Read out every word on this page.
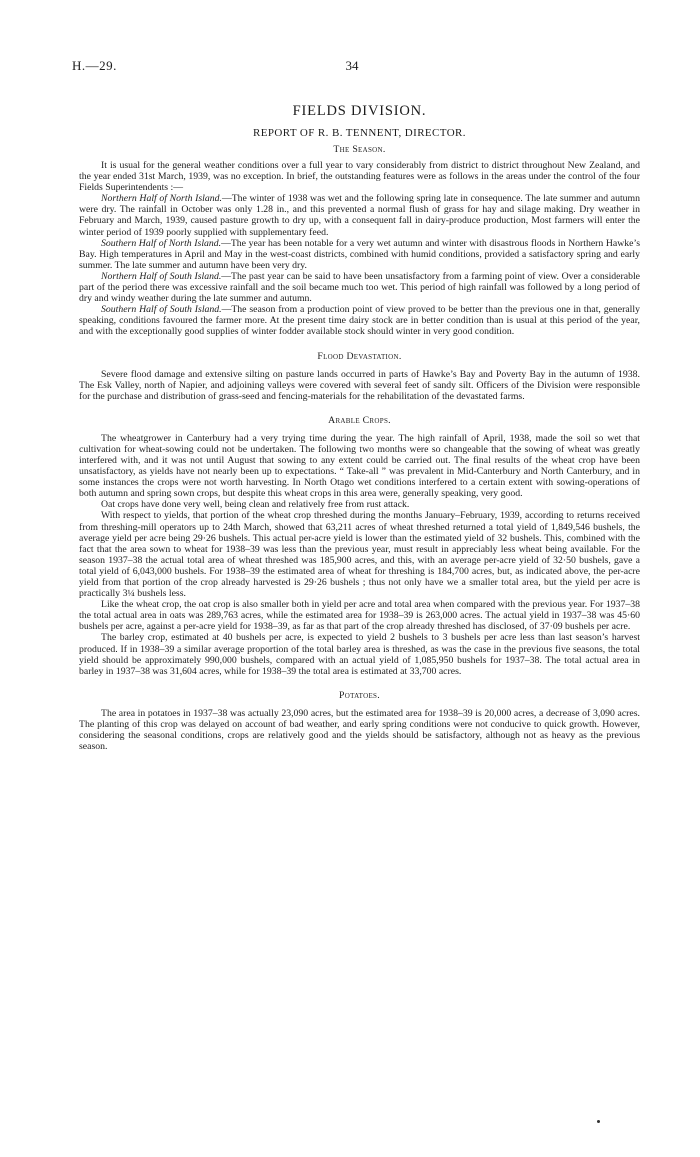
H.—29.	34
FIELDS DIVISION.
REPORT OF R. B. TENNENT, DIRECTOR.
The Season.

It is usual for the general weather conditions over a full year to vary considerably from district to district throughout New Zealand, and the year ended 31st March, 1939, was no exception. In brief, the outstanding features were as follows in the areas under the control of the four Fields Superintendents :—

Northern Half of North Island.—The winter of 1938 was wet and the following spring late in consequence. The late summer and autumn were dry. The rainfall in October was only 1.28 in., and this prevented a normal flush of grass for hay and silage making. Dry weather in February and March, 1939, caused pasture growth to dry up, with a consequent fall in dairy-produce production, Most farmers will enter the winter period of 1939 poorly supplied with supplementary feed.

Southern Half of North Island.—The year has been notable for a very wet autumn and winter with disastrous floods in Northern Hawke’s Bay. High temperatures in April and May in the west-coast districts, combined with humid conditions, provided a satisfactory spring and early summer. The late summer and autumn have been very dry.

Northern Half of South Island.—The past year can be said to have been unsatisfactory from a farming point of view. Over a considerable part of the period there was excessive rainfall and the soil became much too wet. This period of high rainfall was followed by a long period of dry and windy weather during the late summer and autumn.

Southern Half of South Island.—The season from a production point of view proved to be better than the previous one in that, generally speaking, conditions favoured the farmer more. At the present time dairy stock are in better condition than is usual at this period of the year, and with the exceptionally good supplies of winter fodder available stock should winter in very good condition.

Flood Devastation.

Severe flood damage and extensive silting on pasture lands occurred in parts of Hawke’s Bay and Poverty Bay in the autumn of 1938. The Esk Valley, north of Napier, and adjoining valleys were covered with several feet of sandy silt. Officers of the Division were responsible for the purchase and distribution of grass-seed and fencing-materials for the rehabilitation of the devastated farms.

Arable Crops.

The wheatgrower in Canterbury had a very trying time during the year. The high rainfall of April, 1938, made the soil so wet that cultivation for wheat-sowing could not be undertaken. The following two months were so changeable that the sowing of wheat was greatly interfered with, and it was not until August that sowing to any extent could be carried out. The final results of the wheat crop have been unsatisfactory, as yields have not nearly been up to expectations. “ Take-all ” was prevalent in Mid-Canterbury and North Canterbury, and in some instances the crops were not worth harvesting. In North Otago wet conditions interfered to a certain extent with sowing-operations of both autumn and spring sown crops, but despite this wheat crops in this area were, generally speaking, very good.

Oat crops have done very well, being clean and relatively free from rust attack.

With respect to yields, that portion of the wheat crop threshed during the months January–February, 1939, according to returns received from threshing-mill operators up to 24th March, showed that 63,211 acres of wheat threshed returned a total yield of 1,849,546 bushels, the average yield per acre being 29·26 bushels. This actual per-acre yield is lower than the estimated yield of 32 bushels. This, combined with the fact that the area sown to wheat for 1938–39 was less than the previous year, must result in appreciably less wheat being available. For the season 1937–38 the actual total area of wheat threshed was 185,900 acres, and this, with an average per-acre yield of 32·50 bushels, gave a total yield of 6,043,000 bushels. For 1938–39 the estimated area of wheat for threshing is 184,700 acres, but, as indicated above, the per-acre yield from that portion of the crop already harvested is 29·26 bushels ; thus not only have we a smaller total area, but the yield per acre is practically 3¼ bushels less.

Like the wheat crop, the oat crop is also smaller both in yield per acre and total area when compared with the previous year. For 1937–38 the total actual area in oats was 289,763 acres, while the estimated area for 1938–39 is 263,000 acres. The actual yield in 1937–38 was 45·60 bushels per acre, against a per-acre yield for 1938–39, as far as that part of the crop already threshed has disclosed, of 37·09 bushels per acre.

The barley crop, estimated at 40 bushels per acre, is expected to yield 2 bushels to 3 bushels per acre less than last season’s harvest produced. If in 1938–39 a similar average proportion of the total barley area is threshed, as was the case in the previous five seasons, the total yield should be approximately 990,000 bushels, compared with an actual yield of 1,085,950 bushels for 1937–38. The total actual area in barley in 1937–38 was 31,604 acres, while for 1938–39 the total area is estimated at 33,700 acres.

Potatoes.

The area in potatoes in 1937–38 was actually 23,090 acres, but the estimated area for 1938–39 is 20,000 acres, a decrease of 3,090 acres. The planting of this crop was delayed on account of bad weather, and early spring conditions were not conducive to quick growth. However, considering the seasonal conditions, crops are relatively good and the yields should be satisfactory, although not as heavy as the previous season.
